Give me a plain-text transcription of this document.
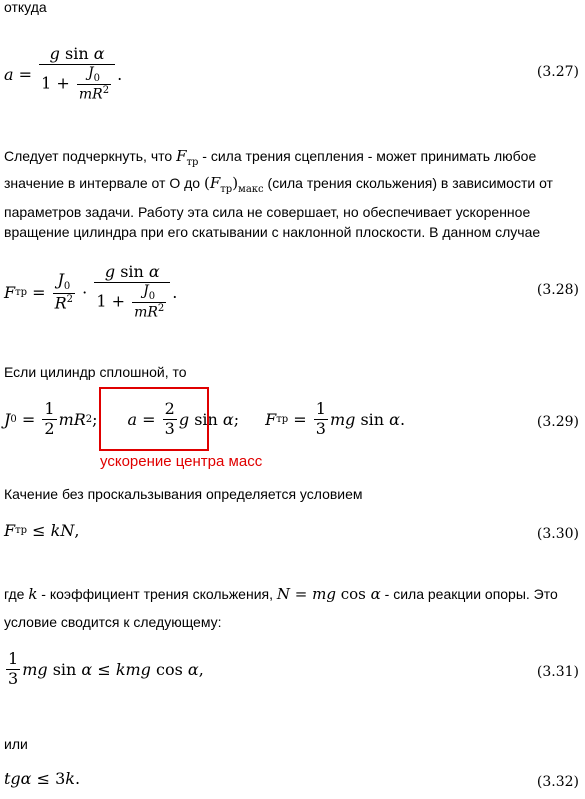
откуда
$a = \frac{\text{g sin α}}{1 + \frac{J_0}{mR^2}}$ .	(3.27)
Следует подчеркнуть, что $F_{тр}$ - сила трения сцепления - может принимать любое
значение в интервале от О до $(F_{тр})_{макс}$ (сила трения скольжения) в зависимости от
параметров задачи. Работу эта сила не совершает, но обеспечивает ускоренное вращение цилиндра при его скатывании с наклонной плоскости. В данном случае
F тр = $\frac{J_0}{R^2} \cdot \frac{\text{g sin α}}{1 + \frac{J_0}{mR^2}}$ .	(3.28)
Если цилиндр сплошной, то
J $0 = \frac{1}{2}$ mR 2 ; $a = \frac{2}{3}$ g sin α ; F тр = $\frac{1}{3}$ mg sin α .	(3.29)
ускорение центра масс
Качение без проскальзывания определяется условием
F тр ≤ kN ,	(3.30)
где k - коэффициент трения скольжения, N = mg cos α - сила реакции опоры. Это
условие сводится к следующему:
$\frac{1}{3}$ mg sin α ≤ kmg cos α ,	(3.31)
или
tgα ≤ 3 k .	(3.32)
